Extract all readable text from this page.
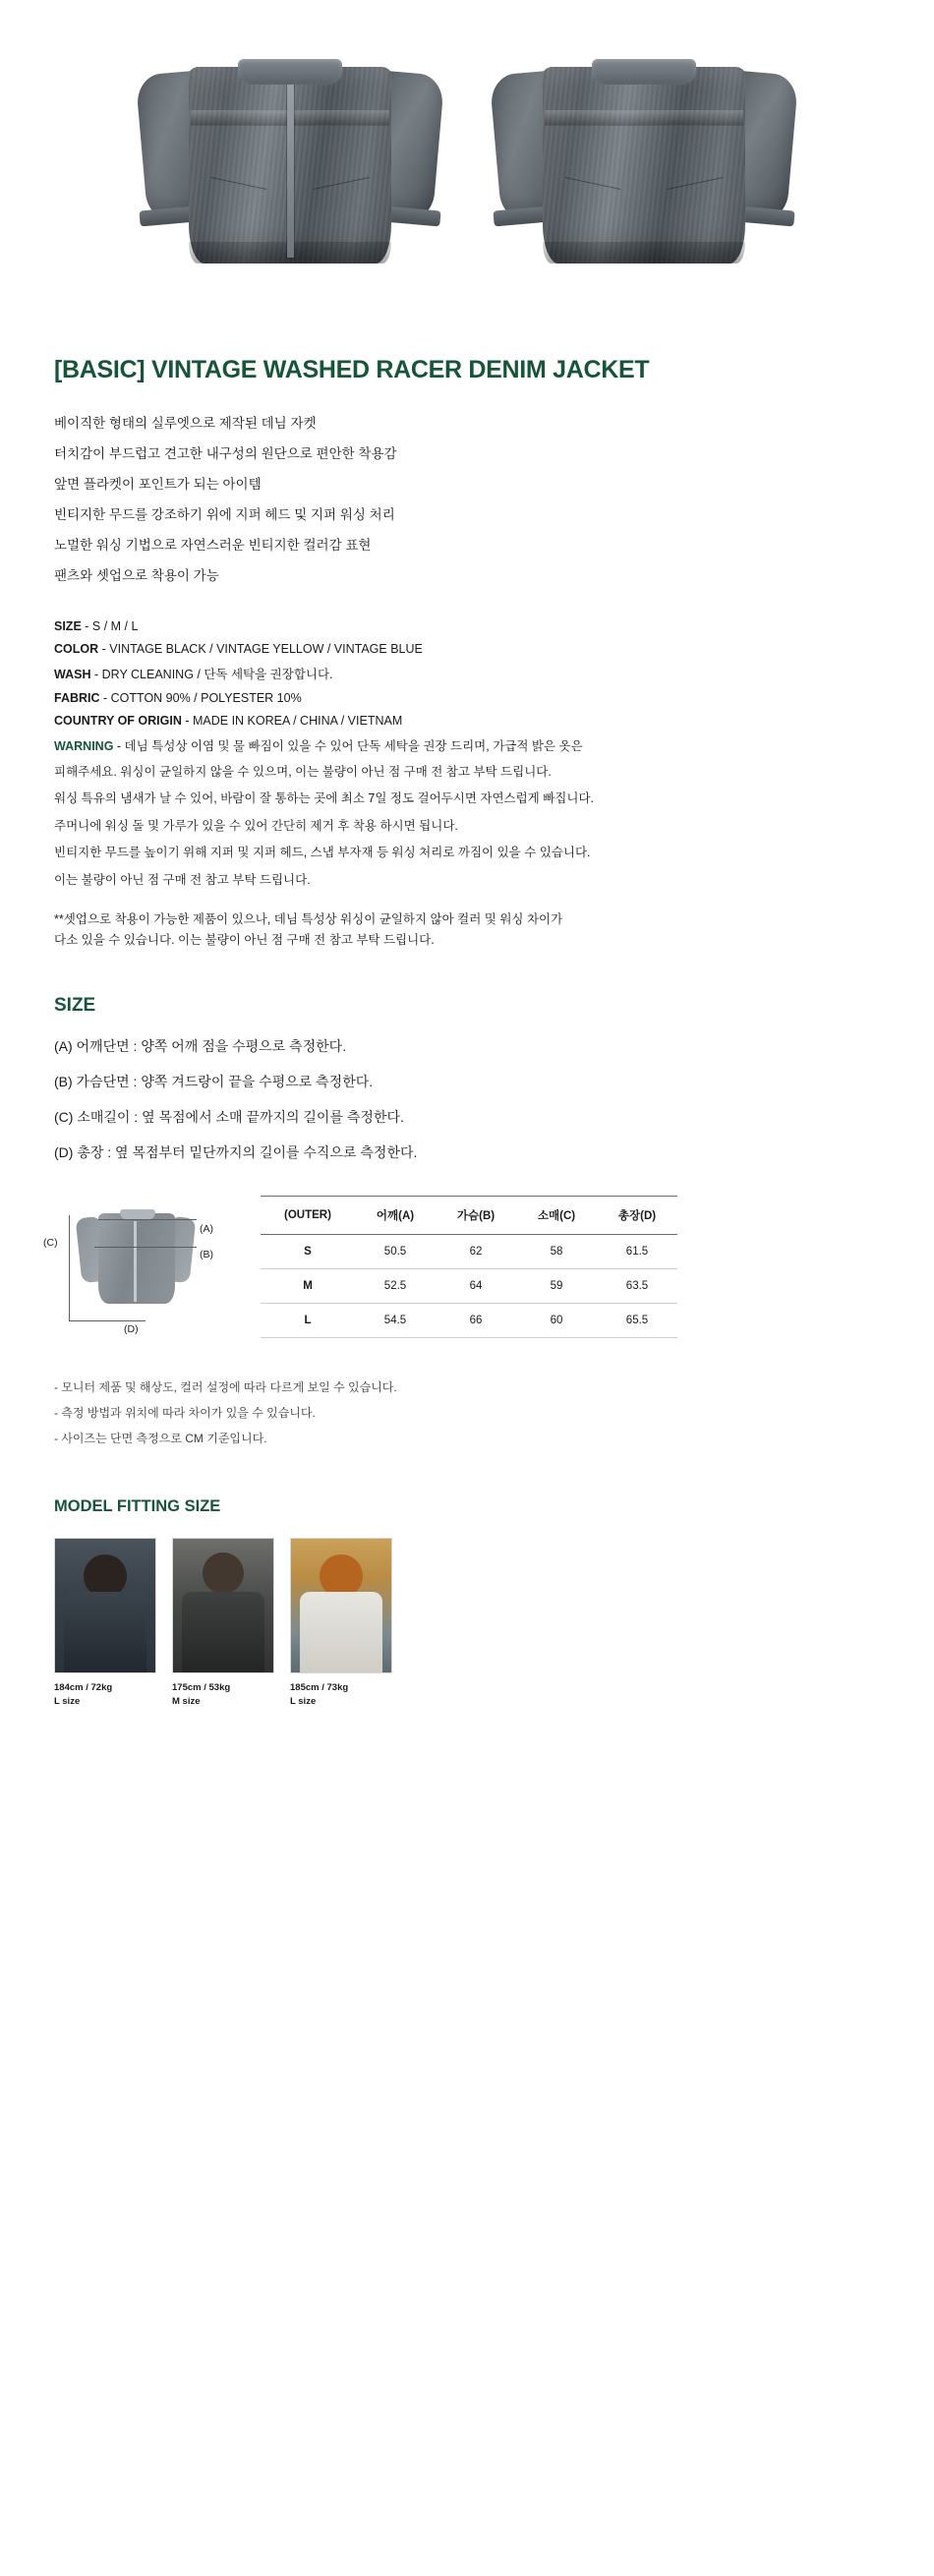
[BASIC] VINTAGE WASHED RACER DENIM JACKET

베이직한 형태의 실루엣으로 제작된 데님 자켓

터치감이 부드럽고 견고한 내구성의 원단으로 편안한 착용감

앞면 플라켓이 포인트가 되는 아이템

빈티지한 무드를 강조하기 위에 지퍼 헤드 및 지퍼 워싱 처리

노멀한 워싱 기법으로 자연스러운 빈티지한 컬러감 표현

팬츠와 셋업으로 착용이 가능

SIZE - S / M / L
COLOR - VINTAGE BLACK / VINTAGE YELLOW / VINTAGE BLUE
WASH - DRY CLEANING / 단독 세탁을 권장합니다.
FABRIC - COTTON 90% / POLYESTER 10%
COUNTRY OF ORIGIN - MADE IN KOREA / CHINA / VIETNAM
WARNING - 데님 특성상 이염 및 물 빠짐이 있을 수 있어 단독 세탁을 권장 드리며, 가급적 밝은 옷은
피해주세요. 워싱이 균일하지 않을 수 있으며, 이는 불량이 아닌 점 구매 전 참고 부탁 드립니다.
워싱 특유의 냄새가 날 수 있어, 바람이 잘 통하는 곳에 최소 7일 정도 걸어두시면 자연스럽게 빠집니다.
주머니에 워싱 돌 및 가루가 있을 수 있어 간단히 제거 후 착용 하시면 됩니다.
빈티지한 무드를 높이기 위해 지퍼 및 지퍼 헤드, 스냅 부자재 등 워싱 처리로 까짐이 있을 수 있습니다.
이는 불량이 아닌 점 구매 전 참고 부탁 드립니다.
**셋업으로 착용이 가능한 제품이 있으나, 데님 특성상 워싱이 균일하지 않아 컬러 및 워싱 차이가
다소 있을 수 있습니다. 이는 불량이 아닌 점 구매 전 참고 부탁 드립니다.
SIZE

(A) 어깨단면 : 양쪽 어깨 점을 수평으로 측정한다.

(B) 가슴단면 : 양쪽 겨드랑이 끝을 수평으로 측정한다.

(C) 소매길이 : 옆 목점에서 소매 끝까지의 길이를 측정한다.

(D) 총장 : 옆 목점부터 밑단까지의 길이를 수직으로 측정한다.

(A)
(B)
(C)
(D)
(OUTER)	어깨(A)	가슴(B)	소매(C)	총장(D)
S	50.5	62	58	61.5
M	52.5	64	59	63.5
L	54.5	66	60	65.5

- 모니터 제품 및 해상도, 컬러 설정에 따라 다르게 보일 수 있습니다.

- 측정 방법과 위치에 따라 차이가 있을 수 있습니다.

- 사이즈는 단면 측정으로 CM 기준입니다.

MODEL FITTING SIZE
184cm / 72kg
L size
175cm / 53kg
M size
185cm / 73kg
L size
